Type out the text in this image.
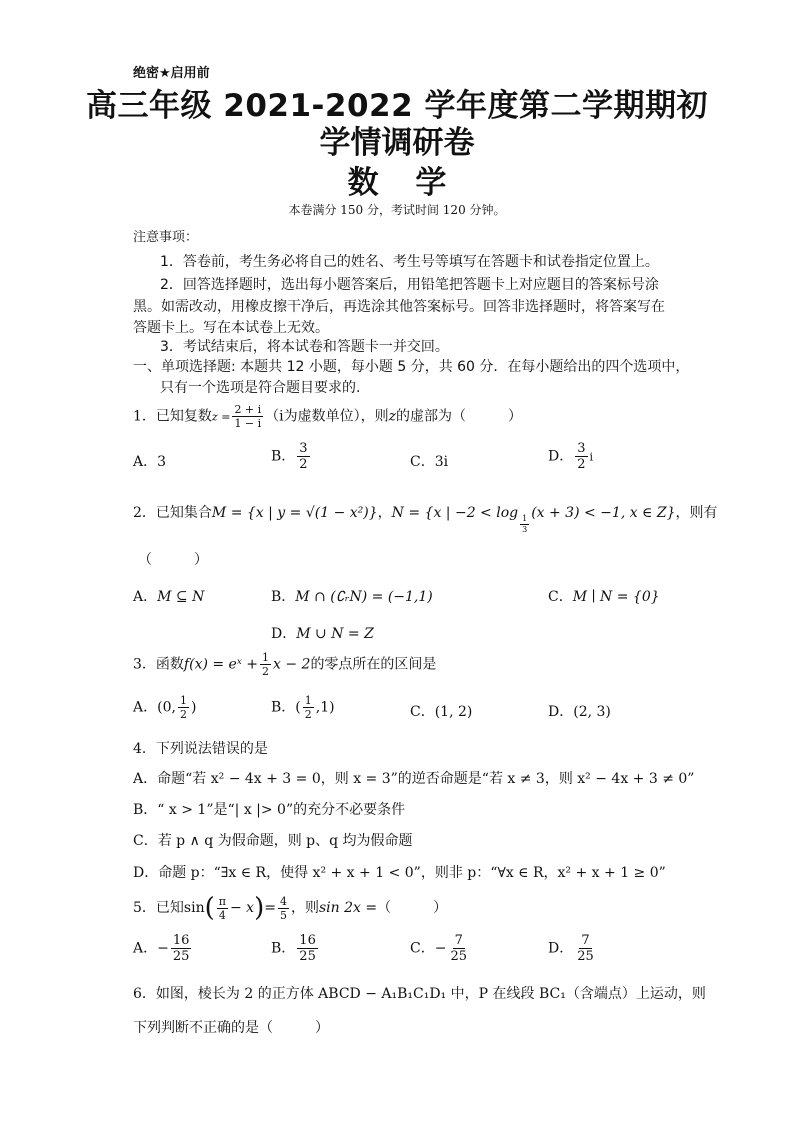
绝密★启用前
高三年级 2021-2022 学年度第二学期期初
学情调研卷
数 学
本卷满分 150 分，考试时间 120 分钟。
注意事项：
1．答卷前，考生务必将自己的姓名、考生号等填写在答题卡和试卷指定位置上。
2．回答选择题时，选出每小题答案后，用铅笔把答题卡上对应题目的答案标号涂
黑。如需改动，用橡皮擦干净后，再选涂其他答案标号。回答非选择题时，将答案写在
答题卡上。写在本试卷上无效。
3．考试结束后，将本试卷和答题卡一并交回。
一、单项选择题: 本题共 12 小题，每小题 5 分，共 60 分．在每小题给出的四个选项中，
只有一个选项是符合题目要求的.
1．已知复数$z = \frac{2 + i}{1 - i} (i$为虚数单位），则z的虚部为（　　　）
A．3	B． $\frac{3}{2}$	C．3i	D． $\frac{3}{2}$ i
2．已知集合M = {x | y = √(1 − x²)}，N = {x | −2 < log
$\frac{1}{3}$
(x + 3) < −1, x ∈ Z}，则有
（　　　）
A．M ⊆ N	B．M ∩ (∁ᵣN) = (−1,1)	C．M ∣ N = {0}
D．M ∪ N = Z
3．函数f(x) = eˣ + $\frac{1}{2}$ x − 2的零点所在的区间是
A．(0, $\frac{1}{2}$ )	B．( $\frac{1}{2} ,1$)	C．(1, 2)	D．(2, 3)
4．下列说法错误的是
A．命题“若 x² − 4x + 3 = 0，则 x = 3”的逆否命题是“若 x ≠ 3，则 x² − 4x + 3 ≠ 0”
B．“ x > 1”是“| x |> 0”的充分不必要条件
C．若 p ∧ q 为假命题，则 p、q 均为假命题
D．命题 p：“∃x ∈ R，使得 x² + x + 1 < 0”，则非 p：“∀x ∈ R，x² + x + 1 ≥ 0”
5．已知$\sin( \frac{\pi}{4} - x)= \frac{4}{5}$ ，则sin 2x =（　　　）
A．− $\frac{16}{25}$	B． $\frac{16}{25}$	C．− $\frac{7}{25}$	D． $\frac{7}{25}$
6．如图，棱长为 2 的正方体 ABCD − A₁B₁C₁D₁ 中，P 在线段 BC₁（含端点）上运动，则
下列判断不正确的是（　　　）
